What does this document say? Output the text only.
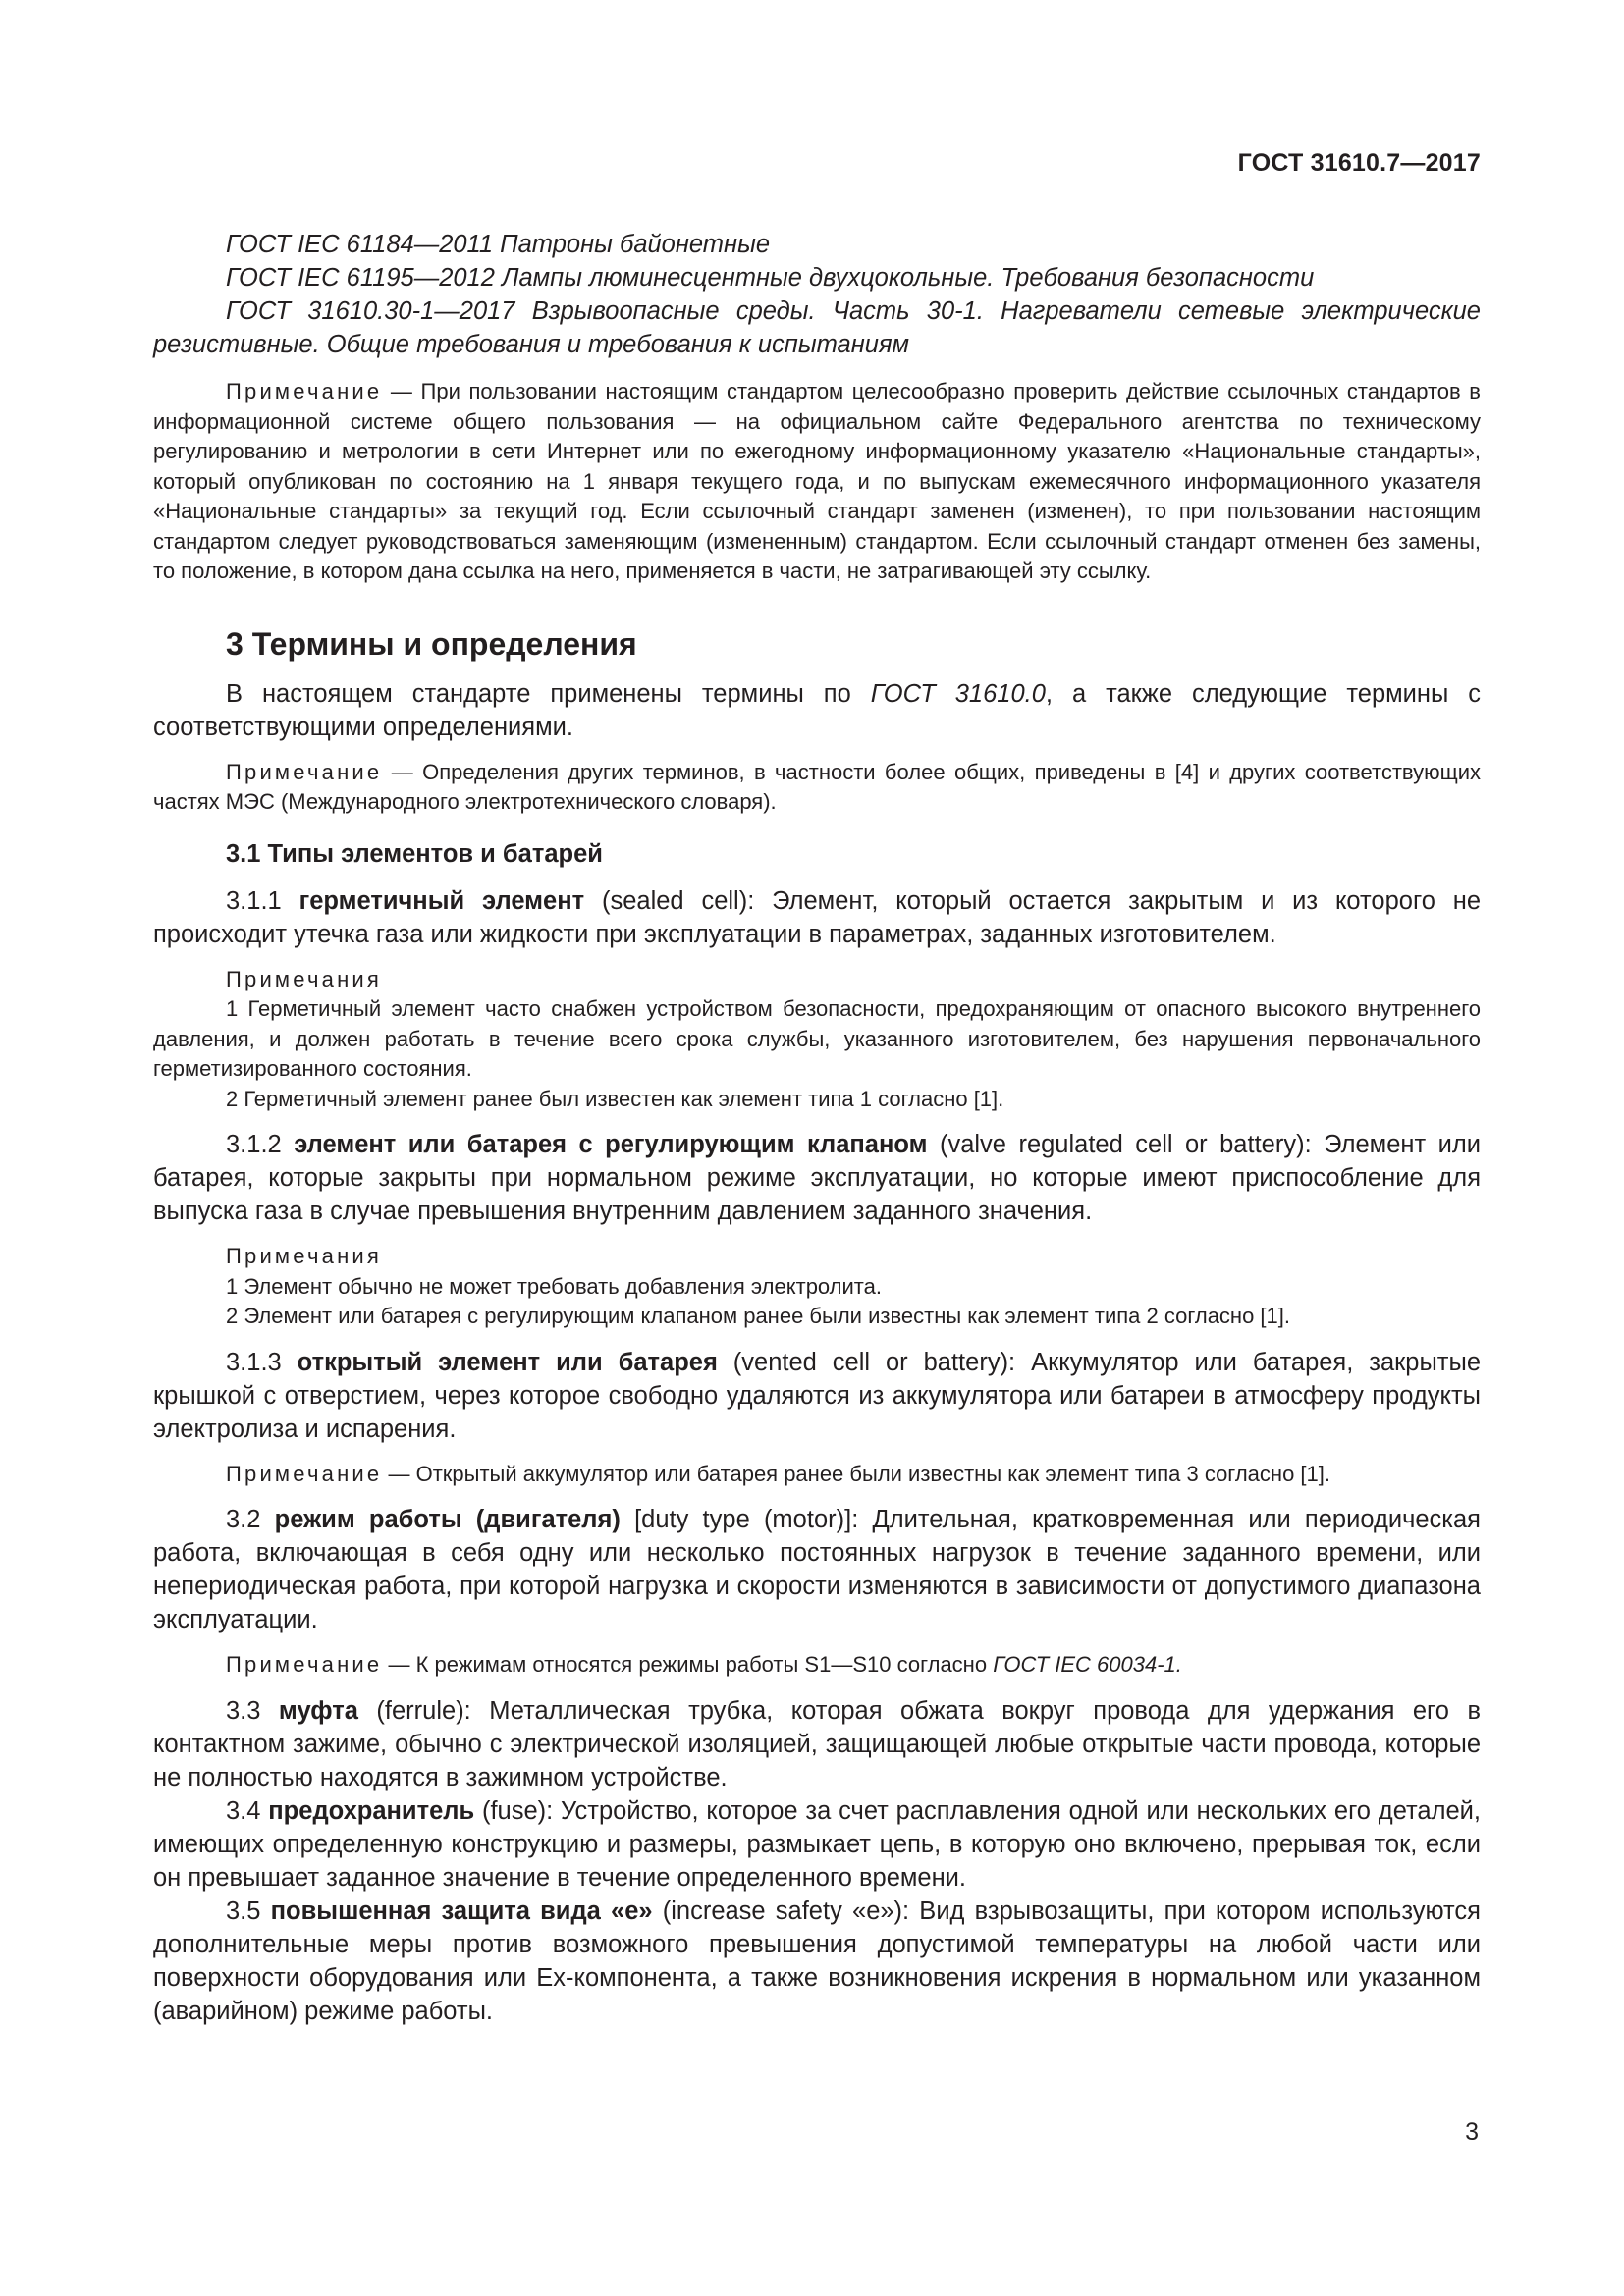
ГОСТ 31610.7—2017

ГОСТ IEC 61184—2011 Патроны байонетные

ГОСТ IEC 61195—2012 Лампы люминесцентные двухцокольные. Требования безопасности

ГОСТ 31610.30-1—2017 Взрывоопасные среды. Часть 30-1. Нагреватели сетевые электрические резистивные. Общие требования и требования к испытаниям

Примечание — При пользовании настоящим стандартом целесообразно проверить действие ссылочных стандартов в информационной системе общего пользования — на официальном сайте Федерального агентства по техническому регулированию и метрологии в сети Интернет или по ежегодному информационному указателю «Национальные стандарты», который опубликован по состоянию на 1 января текущего года, и по выпускам ежемесячного информационного указателя «Национальные стандарты» за текущий год. Если ссылочный стандарт заменен (изменен), то при пользовании настоящим стандартом следует руководствоваться заменяющим (измененным) стандартом. Если ссылочный стандарт отменен без замены, то положение, в котором дана ссылка на него, применяется в части, не затрагивающей эту ссылку.

3 Термины и определения

В настоящем стандарте применены термины по ГОСТ 31610.0, а также следующие термины с соответствующими определениями.

Примечание — Определения других терминов, в частности более общих, приведены в [4] и других соответствующих частях МЭС (Международного электротехнического словаря).

3.1 Типы элементов и батарей

3.1.1 герметичный элемент (sealed cell): Элемент, который остается закрытым и из которого не происходит утечка газа или жидкости при эксплуатации в параметрах, заданных изготовителем.

Примечания

1 Герметичный элемент часто снабжен устройством безопасности, предохраняющим от опасного высокого внутреннего давления, и должен работать в течение всего срока службы, указанного изготовителем, без нарушения первоначального герметизированного состояния.

2 Герметичный элемент ранее был известен как элемент типа 1 согласно [1].

3.1.2 элемент или батарея с регулирующим клапаном (valve regulated cell or battery): Элемент или батарея, которые закрыты при нормальном режиме эксплуатации, но которые имеют приспособление для выпуска газа в случае превышения внутренним давлением заданного значения.

Примечания

1 Элемент обычно не может требовать добавления электролита.

2 Элемент или батарея с регулирующим клапаном ранее были известны как элемент типа 2 согласно [1].

3.1.3 открытый элемент или батарея (vented cell or battery): Аккумулятор или батарея, закрытые крышкой с отверстием, через которое свободно удаляются из аккумулятора или батареи в атмосферу продукты электролиза и испарения.

Примечание — Открытый аккумулятор или батарея ранее были известны как элемент типа 3 согласно [1].

3.2 режим работы (двигателя) [duty type (motor)]: Длительная, кратковременная или периодическая работа, включающая в себя одну или несколько постоянных нагрузок в течение заданного времени, или непериодическая работа, при которой нагрузка и скорости изменяются в зависимости от допустимого диапазона эксплуатации.

Примечание — К режимам относятся режимы работы S1—S10 согласно ГОСТ IEC 60034-1.

3.3 муфта (ferrule): Металлическая трубка, которая обжата вокруг провода для удержания его в контактном зажиме, обычно с электрической изоляцией, защищающей любые открытые части провода, которые не полностью находятся в зажимном устройстве.

3.4 предохранитель (fuse): Устройство, которое за счет расплавления одной или нескольких его деталей, имеющих определенную конструкцию и размеры, размыкает цепь, в которую оно включено, прерывая ток, если он превышает заданное значение в течение определенного времени.

3.5 повышенная защита вида «е» (increase safety «е»): Вид взрывозащиты, при котором используются дополнительные меры против возможного превышения допустимой температуры на любой части или поверхности оборудования или Ex-компонента, а также возникновения искрения в нормальном или указанном (аварийном) режиме работы.

3
